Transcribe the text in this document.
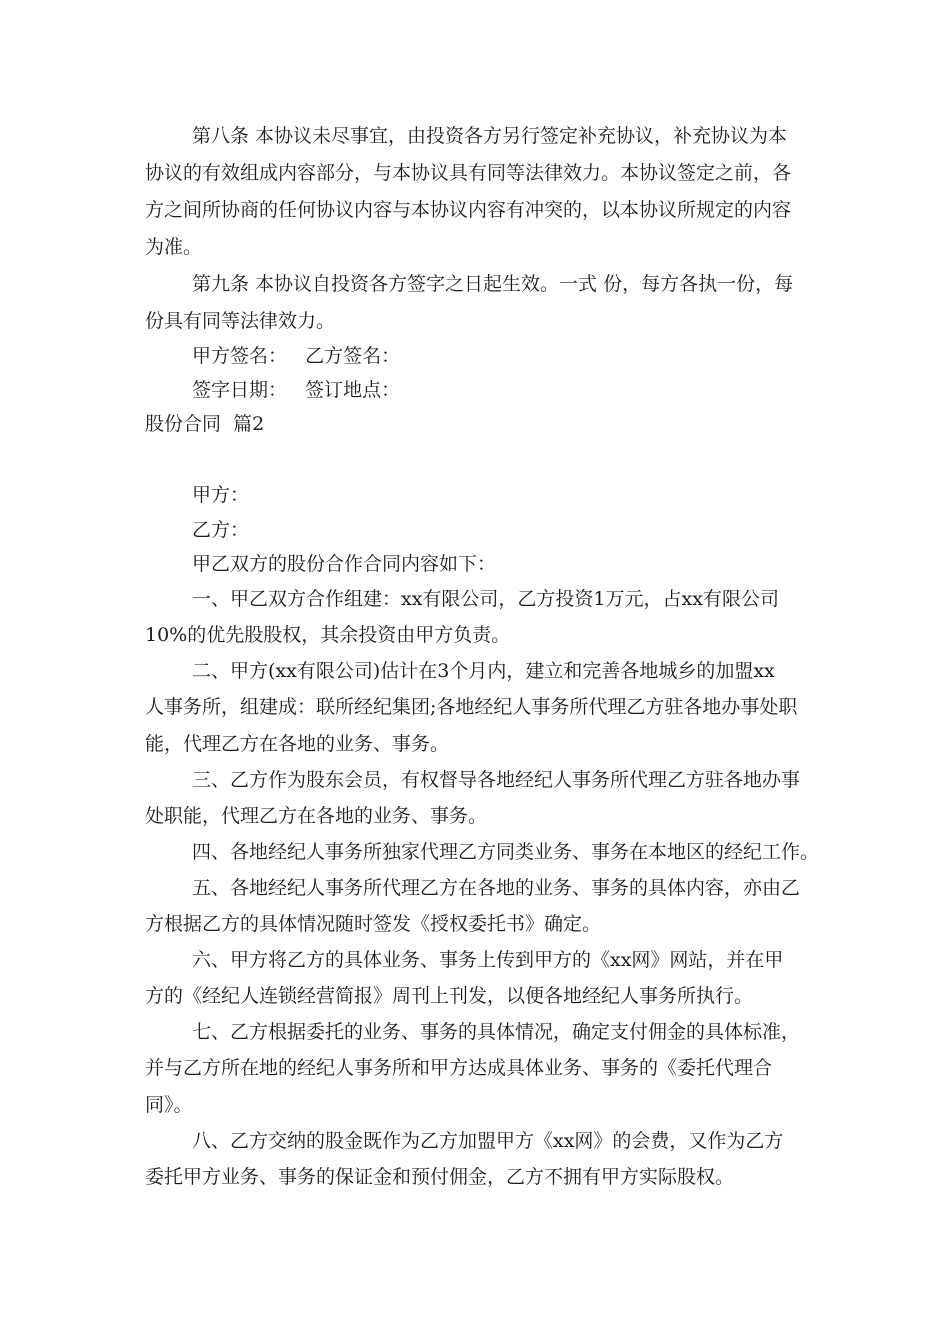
第八条 本协议未尽事宜，由投资各方另行签定补充协议，补充协议为本
协议的有效组成内容部分，与本协议具有同等法律效力。本协议签定之前，各
方之间所协商的任何协议内容与本协议内容有冲突的，以本协议所规定的内容
为准。
第九条 本协议自投资各方签字之日起生效。一式 份，每方各执一份，每
份具有同等法律效力。
甲方签名：   乙方签名：
签字日期：   签订地点：
股份合同  篇2
甲方：
乙方：
甲乙双方的股份合作合同内容如下：
一、甲乙双方合作组建：xx有限公司，乙方投资1万元，占xx有限公司
10%的优先股股权，其余投资由甲方负责。
二、甲方(xx有限公司)估计在3个月内，建立和完善各地城乡的加盟xx
人事务所，组建成：联所经纪集团;各地经纪人事务所代理乙方驻各地办事处职
能，代理乙方在各地的业务、事务。
三、乙方作为股东会员，有权督导各地经纪人事务所代理乙方驻各地办事
处职能，代理乙方在各地的业务、事务。
四、各地经纪人事务所独家代理乙方同类业务、事务在本地区的经纪工作。
五、各地经纪人事务所代理乙方在各地的业务、事务的具体内容，亦由乙
方根据乙方的具体情况随时签发《授权委托书》确定。
六、甲方将乙方的具体业务、事务上传到甲方的《xx网》网站，并在甲
方的《经纪人连锁经营简报》周刊上刊发，以便各地经纪人事务所执行。
七、乙方根据委托的业务、事务的具体情况，确定支付佣金的具体标准，
并与乙方所在地的经纪人事务所和甲方达成具体业务、事务的《委托代理合
同》。
八、乙方交纳的股金既作为乙方加盟甲方《xx网》的会费，又作为乙方
委托甲方业务、事务的保证金和预付佣金，乙方不拥有甲方实际股权。
